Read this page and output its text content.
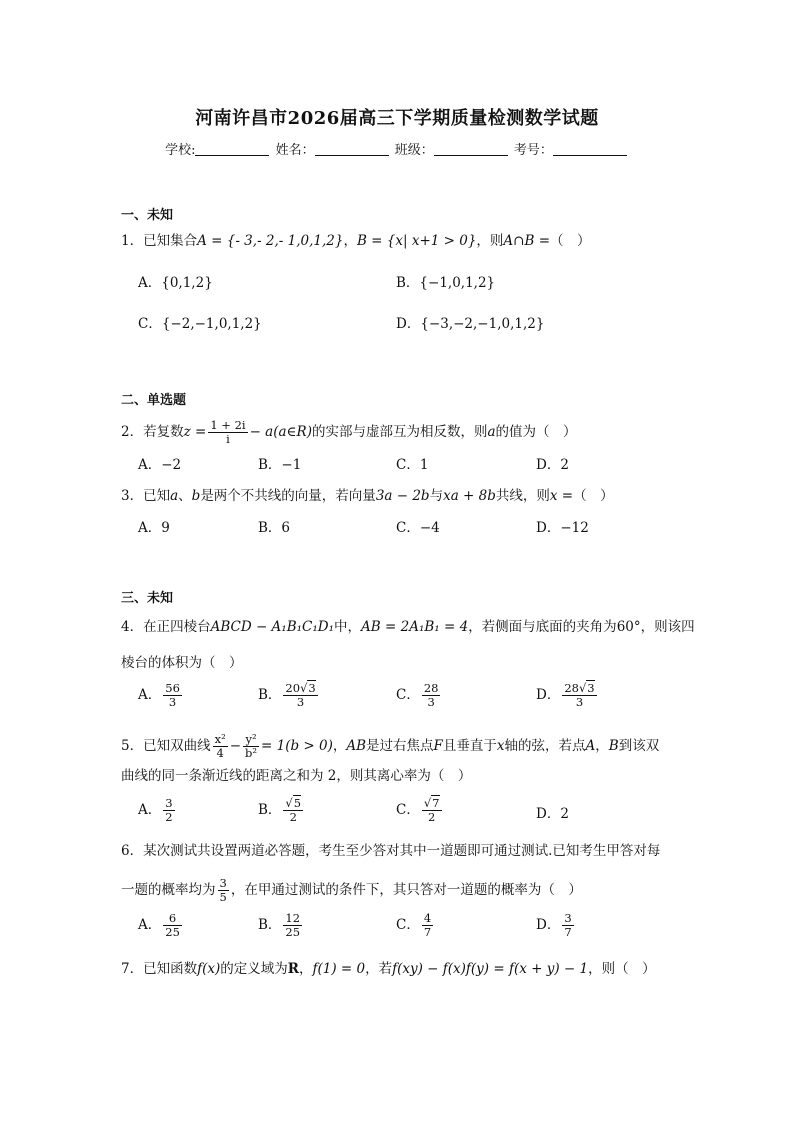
河南许昌市2026届高三下学期质量检测数学试题
学校:	姓名：	班级：	考号：
一、未知
1．已知集合A = {- 3,- 2,- 1,0,1,2}，B = {x| x+1 > 0}，则A∩B =（　）
A．{0,1,2}	B．{−1,0,1,2}
C．{−2,−1,0,1,2}	D．{−3,−2,−1,0,1,2}
二、单选题
2．若复数$z = \frac{1 + 2i}{i}$ − a(a∈R)的实部与虚部互为相反数，则a的值为（　）
A．−2	B．−1	C．1	D．2
3．已知a、b是两个不共线的向量，若向量3a − 2b与xa + 8b共线，则x =（　）
A．9	B．6	C．−4	D．−12
三、未知
4．在正四棱台ABCD − A₁B₁C₁D₁中，AB = 2A₁B₁ = 4，若侧面与底面的夹角为60°，则该四
棱台的体积为（　）
A． $\frac{56}{3}$	B． $\frac{20√3}{3}$	C． $\frac{28}{3}$	D． $\frac{28√3}{3}$
5．已知双曲线 $\frac{\text{x²}}{4} - \frac{\text{y²}}{\text{b²}} = 1(b > 0)$，AB是过右焦点F且垂直于x轴的弦，若点A，B到该双
曲线的同一条渐近线的距离之和为 2，则其离心率为（　）
A． $\frac{3}{2}$	B． $\frac{√5}{2}$	C． $\frac{√7}{2}$	D．2
6．某次测试共设置两道必答题，考生至少答对其中一道题即可通过测试.已知考生甲答对每
一题的概率均为 $\frac{3}{5}$ ，在甲通过测试的条件下，其只答对一道题的概率为（　）
A． $\frac{6}{25}$	B． $\frac{12}{25}$	C． $\frac{4}{7}$	D． $\frac{3}{7}$
7．已知函数f(x)的定义域为R，f(1) = 0，若f(xy) − f(x)f(y) = f(x + y) − 1，则（　）
